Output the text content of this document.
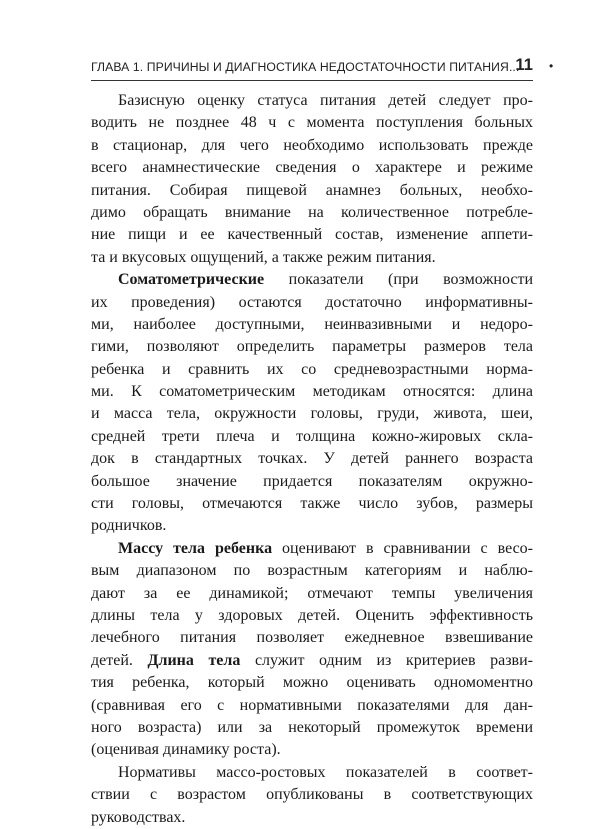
ГЛАВА 1. ПРИЧИНЫ И ДИАГНОСТИКА НЕДОСТАТОЧНОСТИ ПИТАНИЯ... •
11
Базисную оценку статуса питания детей следует про-
водить не позднее 48 ч с момента поступления больных
в стационар, для чего необходимо использовать прежде
всего анамнестические сведения о характере и режиме
питания. Собирая пищевой анамнез больных, необхо-
димо обращать внимание на количественное потребле-
ние пищи и ее качественный состав, изменение аппети-
та и вкусовых ощущений, а также режим питания.
Соматометрические показатели (при возможности
их проведения) остаются достаточно информативны-
ми, наиболее доступными, неинвазивными и недоро-
гими, позволяют определить параметры размеров тела
ребенка и сравнить их со средневозрастными норма-
ми. К соматометрическим методикам относятся: длина
и масса тела, окружности головы, груди, живота, шеи,
средней трети плеча и толщина кожно-жировых скла-
док в стандартных точках. У детей раннего возраста
большое значение придается показателям окружно-
сти головы, отмечаются также число зубов, размеры
родничков.
Массу тела ребенка оценивают в сравнивании с весо-
вым диапазоном по возрастным категориям и наблю-
дают за ее динамикой; отмечают темпы увеличения
длины тела у здоровых детей. Оценить эффективность
лечебного питания позволяет ежедневное взвешивание
детей. Длина тела служит одним из критериев разви-
тия ребенка, который можно оценивать одномоментно
(сравнивая его с нормативными показателями для дан-
ного возраста) или за некоторый промежуток времени
(оценивая динамику роста).
Нормативы массо-ростовых показателей в соответ-
ствии с возрастом опубликованы в соответствующих
руководствах.
